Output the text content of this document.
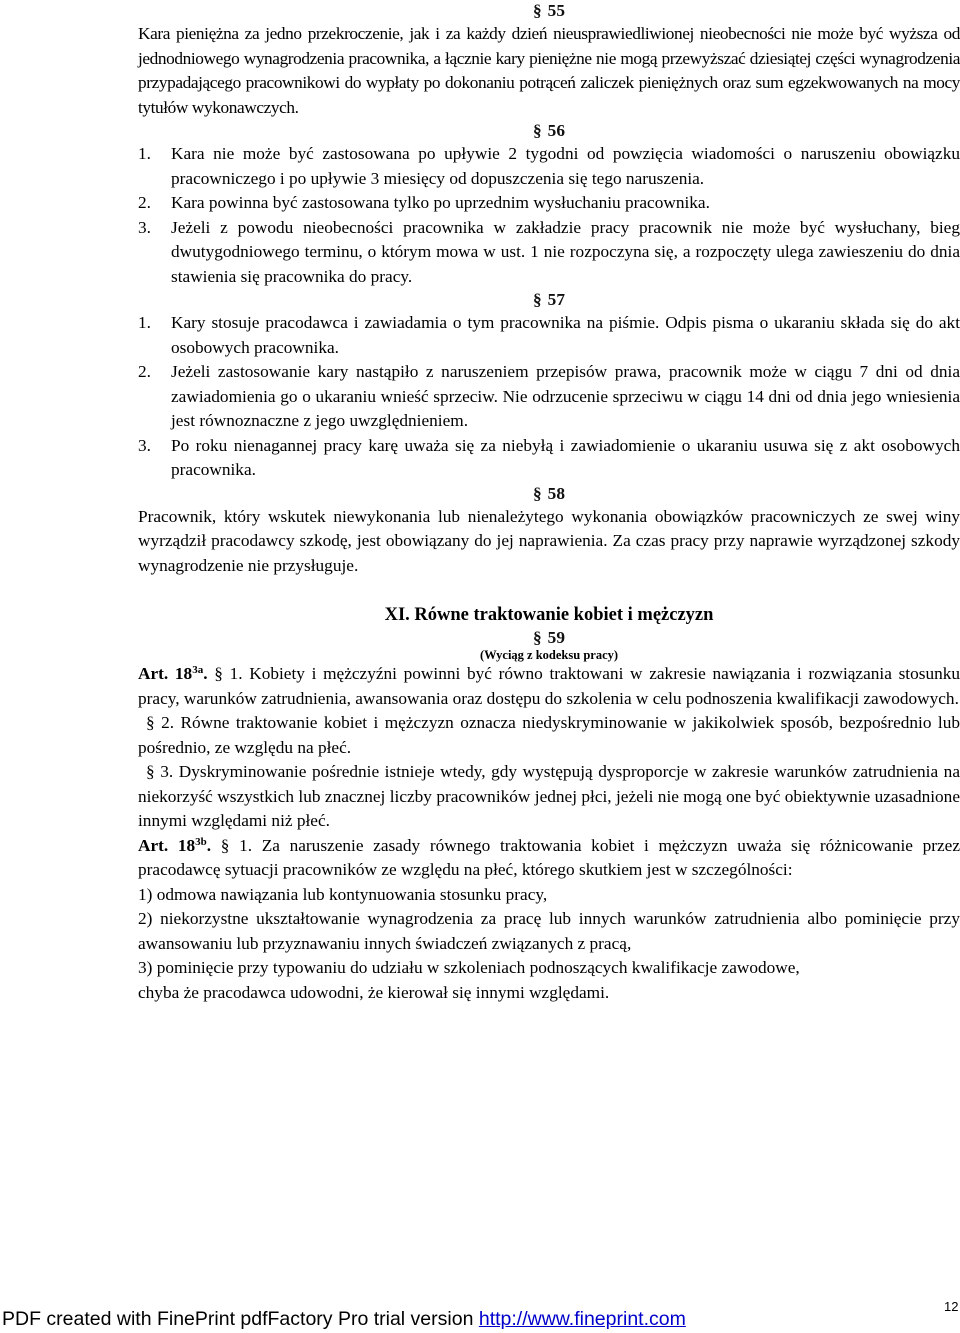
§ 55

Kara pieniężna za jedno przekroczenie, jak i za każdy dzień nieusprawiedliwionej nieobecności nie może być wyższa od jednodniowego wynagrodzenia pracownika, a łącznie kary pieniężne nie mogą przewyższać dziesiątej części wynagrodzenia przypadającego pracownikowi do wypłaty po dokonaniu potrąceń zaliczek pieniężnych oraz sum egzekwowanych na mocy tytułów wykonawczych.

§ 56

1. Kara nie może być zastosowana po upływie 2 tygodni od powzięcia wiadomości o naruszeniu obowiązku pracowniczego i po upływie 3 miesięcy od dopuszczenia się tego naruszenia.

2. Kara powinna być zastosowana tylko po uprzednim wysłuchaniu pracownika.

3. Jeżeli z powodu nieobecności pracownika w zakładzie pracy pracownik nie może być wysłuchany, bieg dwutygodniowego terminu, o którym mowa w ust. 1 nie rozpoczyna się, a rozpoczęty ulega zawieszeniu do dnia stawienia się pracownika do pracy.

§ 57

1. Kary stosuje pracodawca i zawiadamia o tym pracownika na piśmie. Odpis pisma o ukaraniu składa się do akt osobowych pracownika.

2. Jeżeli zastosowanie kary nastąpiło z naruszeniem przepisów prawa, pracownik może w ciągu 7 dni od dnia zawiadomienia go o ukaraniu wnieść sprzeciw. Nie odrzucenie sprzeciwu w ciągu 14 dni od dnia jego wniesienia jest równoznaczne z jego uwzględnieniem.

3. Po roku nienagannej pracy karę uważa się za niebyłą i zawiadomienie o ukaraniu usuwa się z akt osobowych pracownika.

§ 58

Pracownik, który wskutek niewykonania lub nienależytego wykonania obowiązków pracowniczych ze swej winy wyrządził pracodawcy szkodę, jest obowiązany do jej naprawienia. Za czas pracy przy naprawie wyrządzonej szkody wynagrodzenie nie przysługuje.

XI. Równe traktowanie kobiet i mężczyzn
§ 59
(Wyciąg z kodeksu pracy)

Art. $18^{3a}$. § 1. Kobiety i mężczyźni powinni być równo traktowani w zakresie nawiązania i rozwiązania stosunku pracy, warunków zatrudnienia, awansowania oraz dostępu do szkolenia w celu podnoszenia kwalifikacji zawodowych.

§ 2. Równe traktowanie kobiet i mężczyzn oznacza niedyskryminowanie w jakikolwiek sposób, bezpośrednio lub pośrednio, ze względu na płeć.

§ 3. Dyskryminowanie pośrednie istnieje wtedy, gdy występują dysproporcje w zakresie warunków zatrudnienia na niekorzyść wszystkich lub znacznej liczby pracowników jednej płci, jeżeli nie mogą one być obiektywnie uzasadnione innymi względami niż płeć.

Art. $18^{3b}$. § 1. Za naruszenie zasady równego traktowania kobiet i mężczyzn uważa się różnicowanie przez pracodawcę sytuacji pracowników ze względu na płeć, którego skutkiem jest w szczególności:

1) odmowa nawiązania lub kontynuowania stosunku pracy,

2) niekorzystne ukształtowanie wynagrodzenia za pracę lub innych warunków zatrudnienia albo pominięcie przy awansowaniu lub przyznawaniu innych świadczeń związanych z pracą,

3) pominięcie przy typowaniu do udziału w szkoleniach podnoszących kwalifikacje zawodowe,

chyba że pracodawca udowodni, że kierował się innymi względami.

PDF created with FinePrint pdfFactory Pro trial version http://www.fineprint.com
12
